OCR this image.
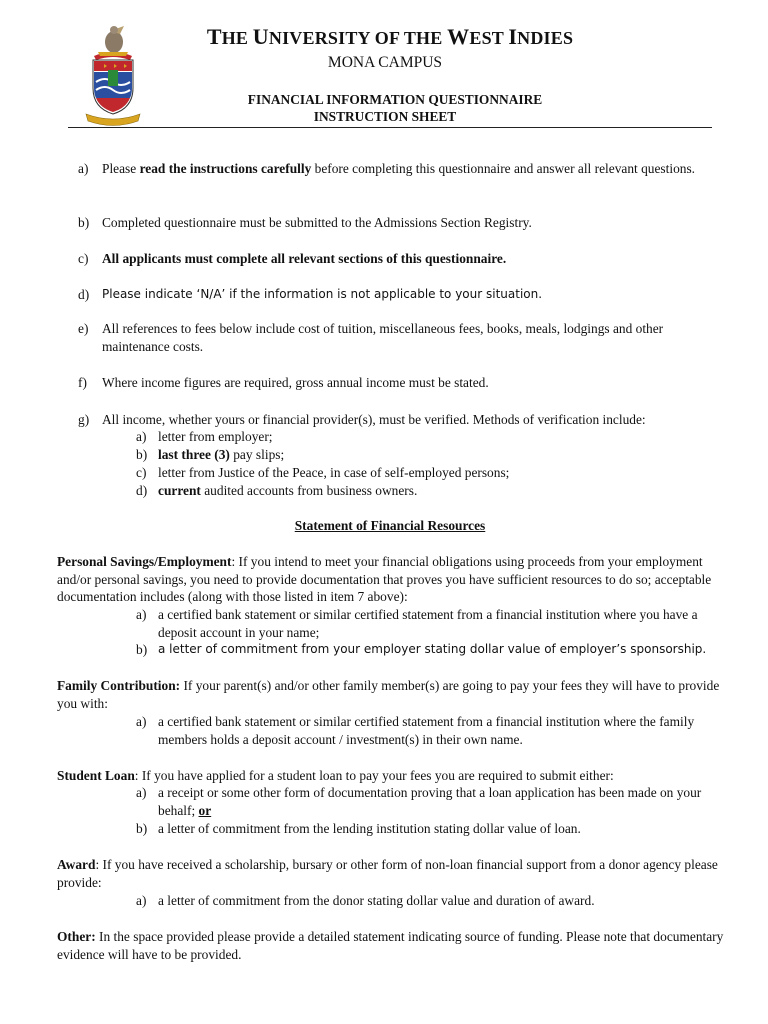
THE UNIVERSITY OF THE WEST INDIES
MONA CAMPUS
FINANCIAL INFORMATION QUESTIONNAIRE
INSTRUCTION SHEET
a)	Please read the instructions carefully before completing this questionnaire and answer all relevant questions.
b) Completed questionnaire must be submitted to the Admissions Section Registry.
c)	All applicants must complete all relevant sections of this questionnaire.
d)	Please indicate ‘N/A’ if the information is not applicable to your situation.
e)	All references to fees below include cost of tuition, miscellaneous fees, books, meals, lodgings and other maintenance costs.
f)	Where income figures are required, gross annual income must be stated.
g) All income, whether yours or financial provider(s), must be verified. Methods of verification include:
a) letter from employer;
b) last three (3) pay slips;
c) letter from Justice of the Peace, in case of self-employed persons;
d) current audited accounts from business owners.
Statement of Financial Resources
Personal Savings/Employment: If you intend to meet your financial obligations using proceeds from your employment and/or personal savings, you need to provide documentation that proves you have sufficient resources to do so; acceptable documentation includes (along with those listed in item 7 above):
a) a certified bank statement or similar certified statement from a financial institution where you have a deposit account in your name;
b) a letter of commitment from your employer stating dollar value of employer’s sponsorship.
Family Contribution: If your parent(s) and/or other family member(s) are going to pay your fees they will have to provide you with:
a) a certified bank statement or similar certified statement from a financial institution where the family members holds a deposit account / investment(s) in their own name.
Student Loan: If you have applied for a student loan to pay your fees you are required to submit either:
a) a receipt or some other form of documentation proving that a loan application has been made on your behalf; or
b) a letter of commitment from the lending institution stating dollar value of loan.
Award: If you have received a scholarship, bursary or other form of non-loan financial support from a donor agency please provide:
a) a letter of commitment from the donor stating dollar value and duration of award.
Other: In the space provided please provide a detailed statement indicating source of funding. Please note that documentary evidence will have to be provided.
